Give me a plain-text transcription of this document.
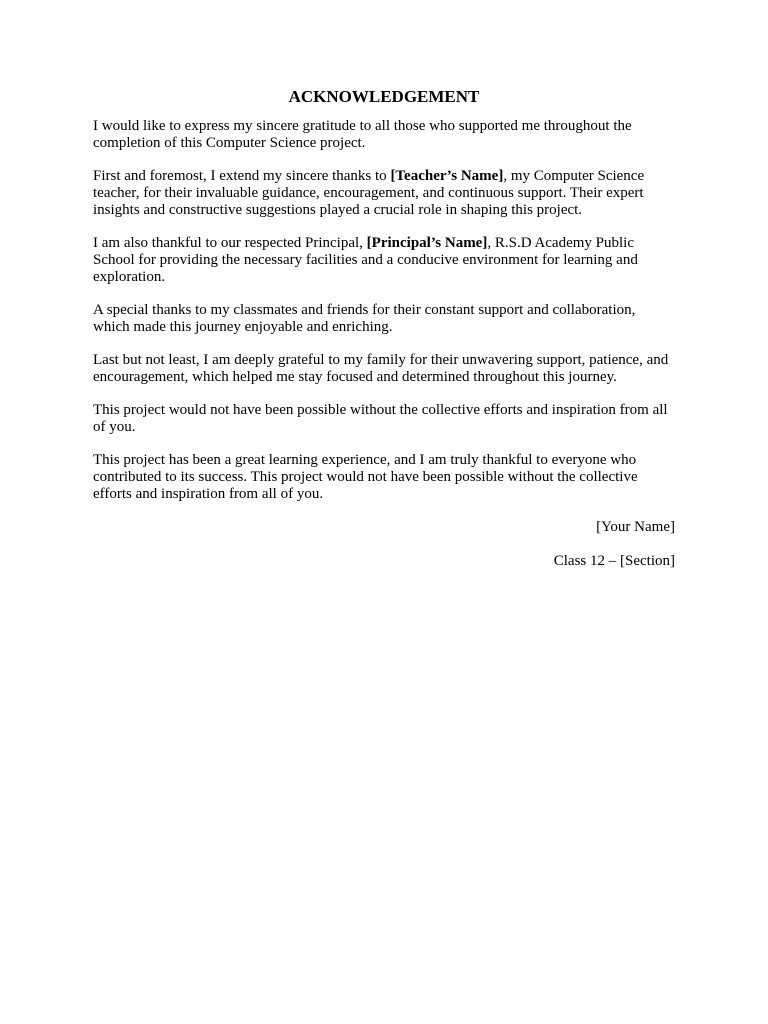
ACKNOWLEDGEMENT

I would like to express my sincere gratitude to all those who supported me throughout the completion of this Computer Science project.

First and foremost, I extend my sincere thanks to [Teacher’s Name], my Computer Science teacher, for their invaluable guidance, encouragement, and continuous support. Their expert insights and constructive suggestions played a crucial role in shaping this project.

I am also thankful to our respected Principal, [Principal’s Name], R.S.D Academy Public School for providing the necessary facilities and a conducive environment for learning and exploration.

A special thanks to my classmates and friends for their constant support and collaboration, which made this journey enjoyable and enriching.

Last but not least, I am deeply grateful to my family for their unwavering support, patience, and encouragement, which helped me stay focused and determined throughout this journey.

This project would not have been possible without the collective efforts and inspiration from all of you.

This project has been a great learning experience, and I am truly thankful to everyone who contributed to its success. This project would not have been possible without the collective efforts and inspiration from all of you.

[Your Name]
Class 12 – [Section]
